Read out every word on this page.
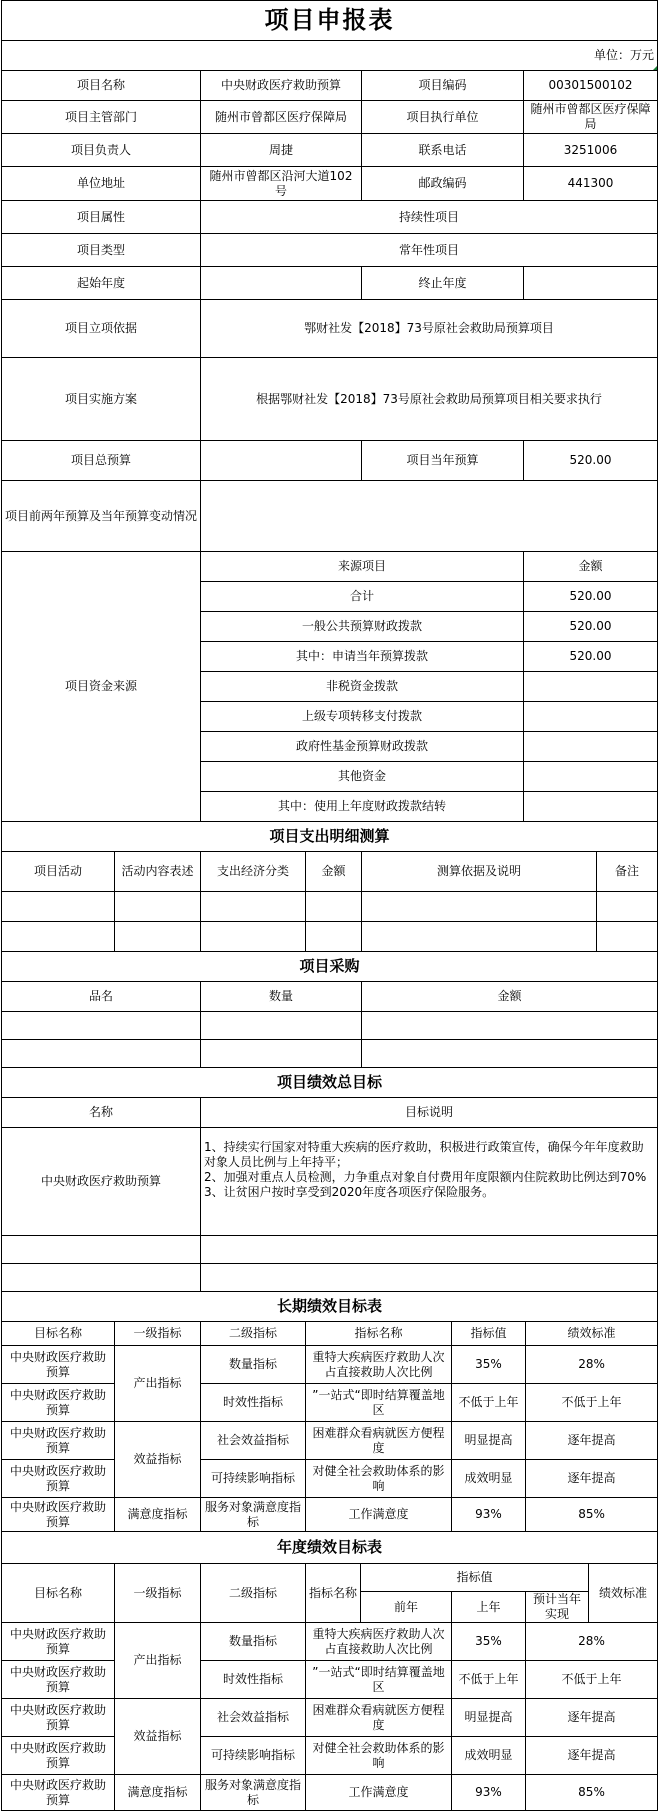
项目申报表			
单位：万元			
项目名称	中央财政医疗救助预算	项目编码	00301500102
项目主管部门	随州市曾都区医疗保障局	项目执行单位	随州市曾都区医疗保障局
项目负责人	周捷	联系电话	3251006
单位地址	随州市曾都区沿河大道102号	邮政编码	441300
项目属性	持续性项目		
项目类型	常年性项目		
起始年度		终止年度	
项目立项依据	鄂财社发【2018】73号原社会救助局预算项目		
项目实施方案	根据鄂财社发【2018】73号原社会救助局预算项目相关要求执行		
项目总预算		项目当年预算	520.00
项目前两年预算及当年预算变动情况			
项目资金来源	来源项目		金额
	合计		520.00
	一般公共预算财政拨款		520.00
	其中：申请当年预算拨款		520.00
	非税资金拨款		
	上级专项转移支付拨款		
	政府性基金预算财政拨款		
	其他资金		
	其中：使用上年度财政拨款结转		
项目支出明细测算					
项目活动	活动内容表述	支出经济分类	金额	测算依据及说明	备注

项目采购		
品名	数量	金额

项目绩效总目标	
名称	目标说明
中央财政医疗救助预算	1、持续实行国家对特重大疾病的医疗救助，积极进行政策宣传，确保今年年度救助对象人员比例与上年持平；
2、加强对重点人员检测，力争重点对象自付费用年度限额内住院救助比例达到70%
3、让贫困户按时享受到2020年度各项医疗保险服务。

长期绩效目标表					
目标名称	一级指标	二级指标	指标名称	指标值	绩效标准
中央财政医疗救助预算	产出指标	数量指标	重特大疾病医疗救助人次占直接救助人次比例	35%	28%
中央财政医疗救助预算		时效性指标	”一站式“即时结算覆盖地区	不低于上年	不低于上年
中央财政医疗救助预算	效益指标	社会效益指标	困难群众看病就医方便程度	明显提高	逐年提高
中央财政医疗救助预算		可持续影响指标	对健全社会救助体系的影响	成效明显	逐年提高
中央财政医疗救助预算	满意度指标	服务对象满意度指标	工作满意度	93%	85%
年度绩效目标表							
目标名称	一级指标	二级指标	指标名称	指标值			绩效标准
				前年	上年	预计当年实现	
中央财政医疗救助预算	产出指标	数量指标	重特大疾病医疗救助人次占直接救助人次比例		35%	28%	
中央财政医疗救助预算		时效性指标	”一站式“即时结算覆盖地区		不低于上年	不低于上年	
中央财政医疗救助预算	效益指标	社会效益指标	困难群众看病就医方便程度		明显提高	逐年提高	
中央财政医疗救助预算		可持续影响指标	对健全社会救助体系的影响		成效明显	逐年提高	
中央财政医疗救助预算	满意度指标	服务对象满意度指标	工作满意度		93%	85%	
